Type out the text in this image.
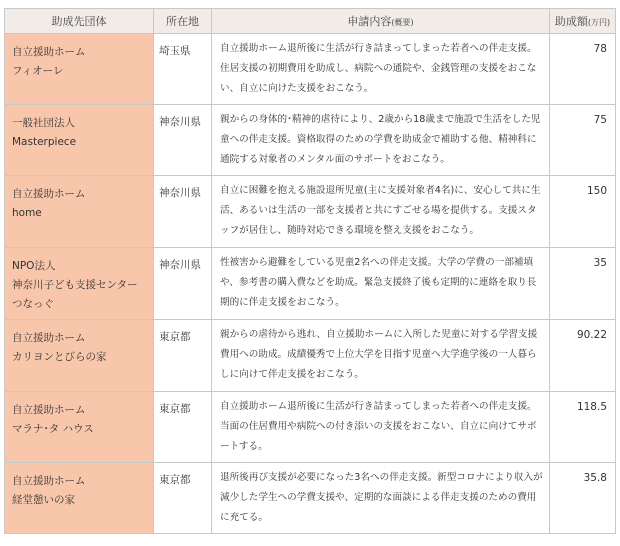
助成先団体	所在地	申請内容(概要)	助成額(万円)

自立援助ホーム
フィオーレ	埼玉県	自立援助ホーム退所後に生活が行き詰まってしまった若者への伴走支援。住居支援の初期費用を助成し、病院への通院や、金銭管理の支援をおこない、自立に向けた支援をおこなう。	78

一般社団法人
Masterpiece	神奈川県	親からの身体的･精神的虐待により、2歳から18歳まで施設で生活をした児童への伴走支援。資格取得のための学費を助成金で補助する他、精神科に通院する対象者のメンタル面のサポートをおこなう。	75

自立援助ホーム
home	神奈川県	自立に困難を抱える施設退所児童(主に支援対象者4名)に、安心して共に生活、あるいは生活の一部を支援者と共にすごせる場を提供する。支援スタッフが居住し、随時対応できる環境を整え支援をおこなう。	150

NPO法人
神奈川子ども支援センター
つなっぐ	神奈川県	性被害から避難をしている児童2名への伴走支援。大学の学費の一部補填や、参考書の購入費などを助成。緊急支援終了後も定期的に連絡を取り長期的に伴走支援をおこなう。	35

自立援助ホーム
カリヨンとびらの家	東京都	親からの虐待から逃れ、自立援助ホームに入所した児童に対する学習支援費用への助成。成績優秀で上位大学を目指す児童へ大学進学後の一人暮らしに向けて伴走支援をおこなう。	90.22

自立援助ホーム
マラナ･タ ハウス	東京都	自立援助ホーム退所後に生活が行き詰まってしまった若者への伴走支援。当面の住居費用や病院への付き添いの支援をおこない、自立に向けてサポートする。	118.5

自立援助ホーム
経堂憩いの家	東京都	退所後再び支援が必要になった3名への伴走支援。新型コロナにより収入が減少した学生への学費支援や、定期的な面談による伴走支援のための費用に充てる。	35.8
